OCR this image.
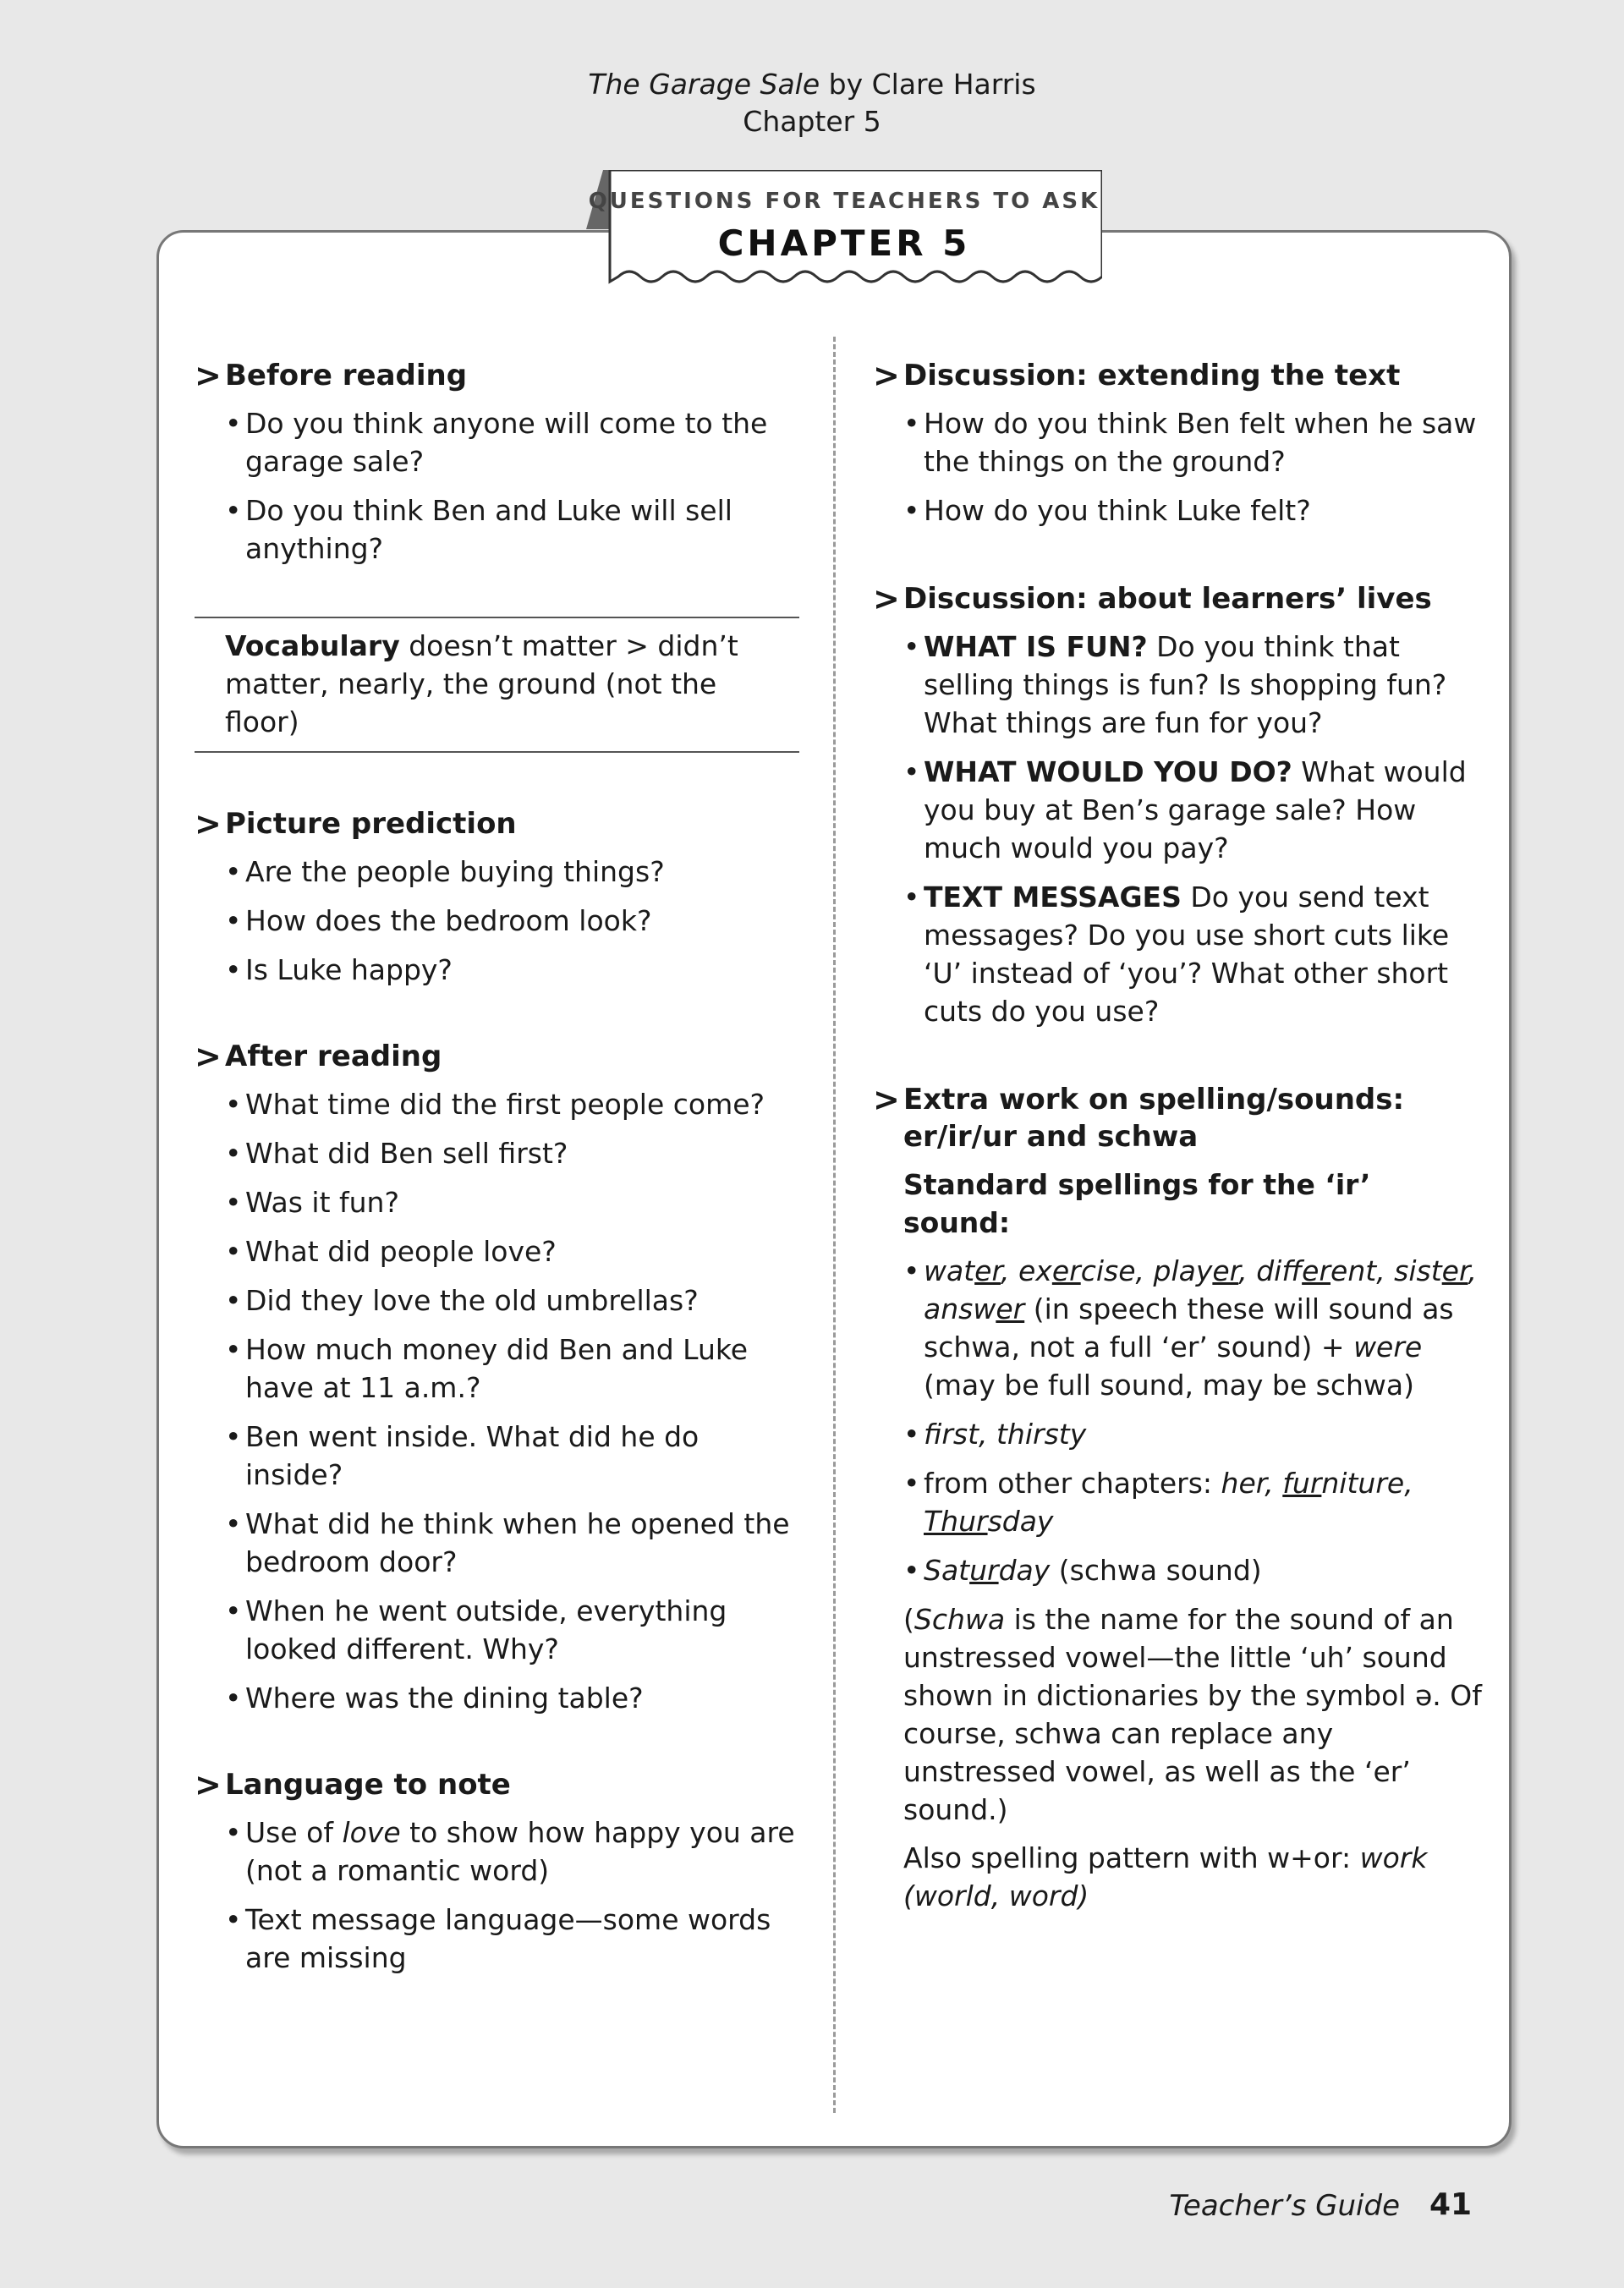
The Garage Sale by Clare Harris
Chapter 5
QUESTIONS FOR TEACHERS TO ASK
CHAPTER 5
> Before reading
• Do you think anyone will come to the garage sale?
• Do you think Ben and Luke will sell anything?
Vocabulary doesn’t matter > didn’t matter, nearly, the ground (not the floor)
> Picture prediction
• Are the people buying things?
• How does the bedroom look?
• Is Luke happy?
> After reading
• What time did the first people come?
• What did Ben sell first?
• Was it fun?
• What did people love?
• Did they love the old umbrellas?
• How much money did Ben and Luke have at 11 a.m.?
• Ben went inside. What did he do inside?
• What did he think when he opened the bedroom door?
• When he went outside, everything looked different. Why?
• Where was the dining table?
> Language to note
• Use of love to show how happy you are (not a romantic word)
• Text message language—some words are missing
> Discussion: extending the text
• How do you think Ben felt when he saw the things on the ground?
• How do you think Luke felt?
> Discussion: about learners’ lives
• WHAT IS FUN? Do you think that selling things is fun? Is shopping fun? What things are fun for you?
• WHAT WOULD YOU DO? What would you buy at Ben’s garage sale? How much would you pay?
• TEXT MESSAGES Do you send text messages? Do you use short cuts like ‘U’ instead of ‘you’? What other short cuts do you use?
> Extra work on spelling/sounds: er/ir/ur and schwa
Standard spellings for the ‘ir’ sound:
• water, exercise, player, different, sister, answer (in speech these will sound as schwa, not a full ‘er’ sound) + were (may be full sound, may be schwa)
• first, thirsty
• from other chapters: her, furniture, Thursday
• Saturday (schwa sound)
(Schwa is the name for the sound of an unstressed vowel—the little ‘uh’ sound shown in dictionaries by the symbol ə. Of course, schwa can replace any unstressed vowel, as well as the ‘er’ sound.)
Also spelling pattern with w+or: work (world, word)
Teacher’s Guide 41
